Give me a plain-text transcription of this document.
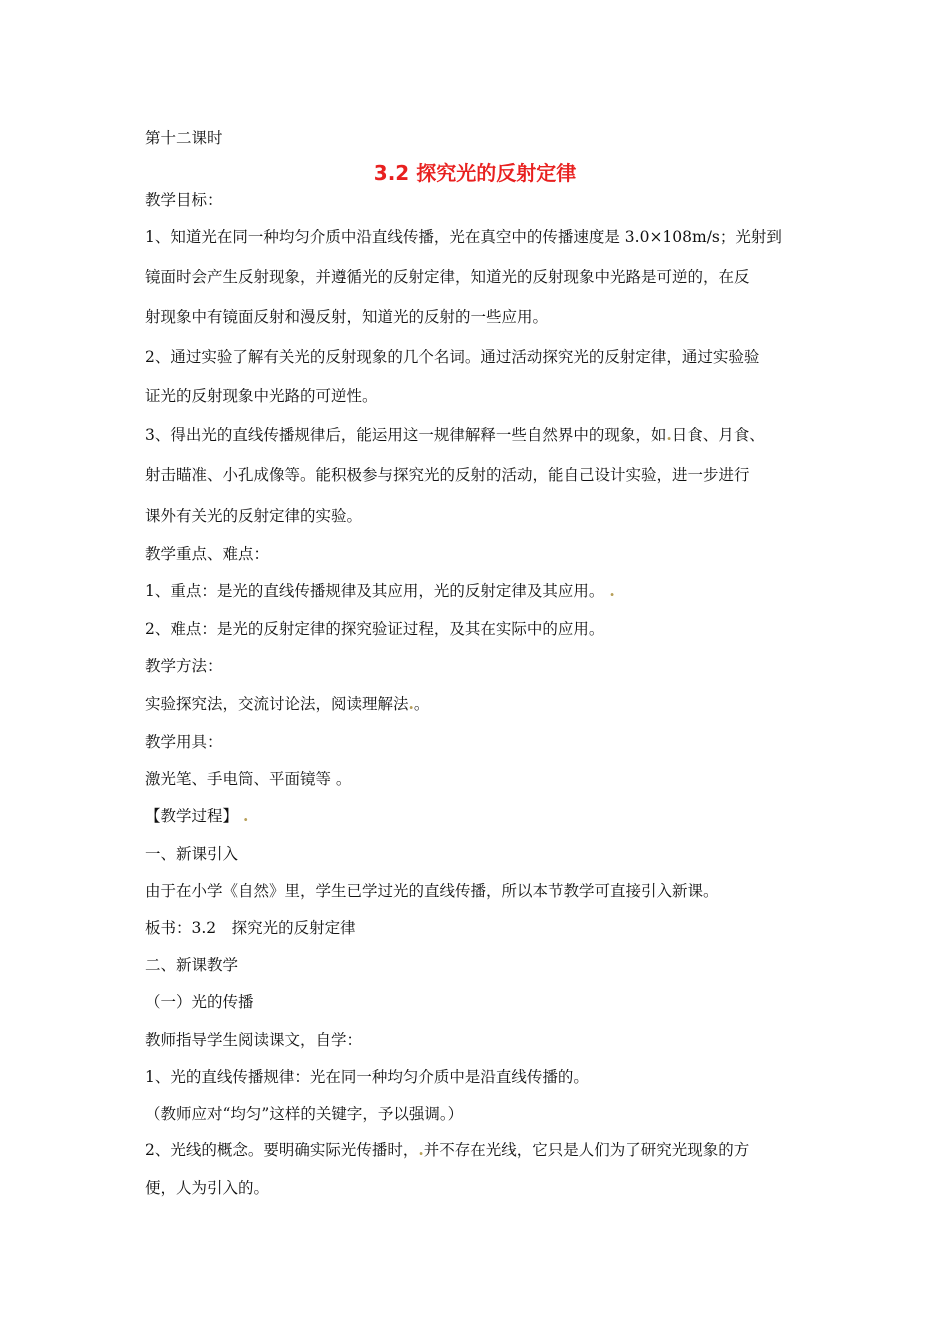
第十二课时

3.2 探究光的反射定律

教学目标：

1、知道光在同一种均匀介质中沿直线传播，光在真空中的传播速度是 3.0×108m/s；光射到

镜面时会产生反射现象，并遵循光的反射定律，知道光的反射现象中光路是可逆的，在反

射现象中有镜面反射和漫反射，知道光的反射的一些应用。

2、通过实验了解有关光的反射现象的几个名词。通过活动探究光的反射定律，通过实验验

证光的反射现象中光路的可逆性。

3、得出光的直线传播规律后，能运用这一规律解释一些自然界中的现象，如.日食、月食、

射击瞄准、小孔成像等。能积极参与探究光的反射的活动，能自己设计实验，进一步进行

课外有关光的反射定律的实验。

教学重点、难点：

1、重点：是光的直线传播规律及其应用，光的反射定律及其应用。 .

2、难点：是光的反射定律的探究验证过程，及其在实际中的应用。

教学方法：

实验探究法，交流讨论法，阅读理解法.。

教学用具：

激光笔、手电筒、平面镜等 。

【教学过程】 .

一、新课引入

由于在小学《自然》里，学生已学过光的直线传播，所以本节教学可直接引入新课。

板书：3.2　探究光的反射定律

二、新课教学

（一）光的传播

教师指导学生阅读课文，自学：

1、光的直线传播规律：光在同一种均匀介质中是沿直线传播的。

（教师应对“均匀”这样的关键字，予以强调。）

2、光线的概念。要明确实际光传播时，.并不存在光线，它只是人们为了研究光现象的方

便，人为引入的。
